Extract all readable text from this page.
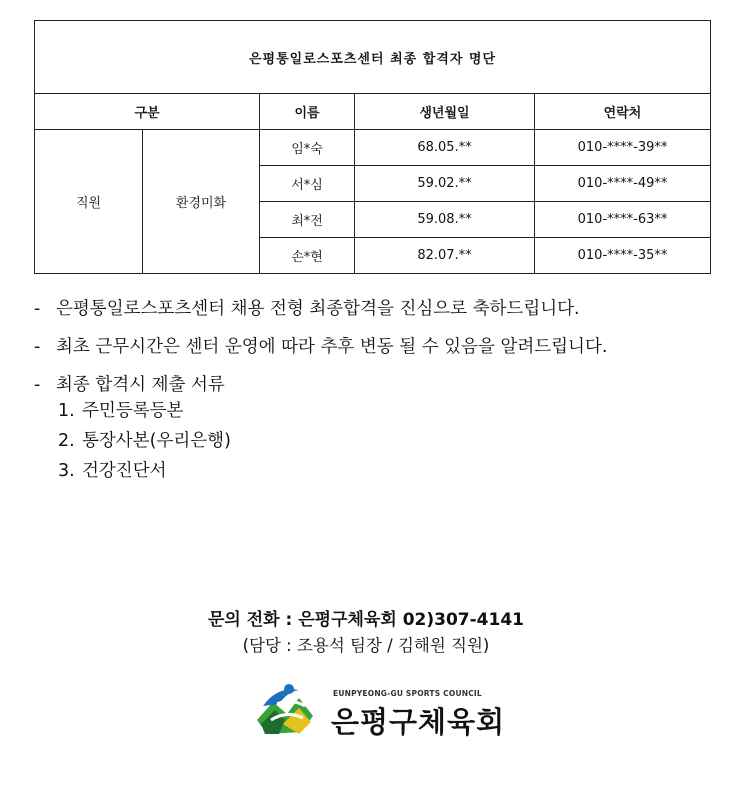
은평통일로스포츠센터 최종 합격자 명단				
구분		이름	생년월일	연락처
직원	환경미화	임*숙	68.05.**	010-****-39**
		서*심	59.02.**	010-****-49**
		최*전	59.08.**	010-****-63**
		손*현	82.07.**	010-****-35**
- 은평통일로스포츠센터 채용 전형 최종합격을 진심으로 축하드립니다.
- 최초 근무시간은 센터 운영에 따라 추후 변동 될 수 있음을 알려드립니다.
- 최종 합격시 제출 서류
1. 주민등록등본
2. 통장사본(우리은행)
3. 건강진단서
문의 전화 : 은평구체육회 02)307-4141
(담당 : 조용석 팀장 / 김해원 직원)
EUNPYEONG-GU SPORTS COUNCIL
은평구체육회
